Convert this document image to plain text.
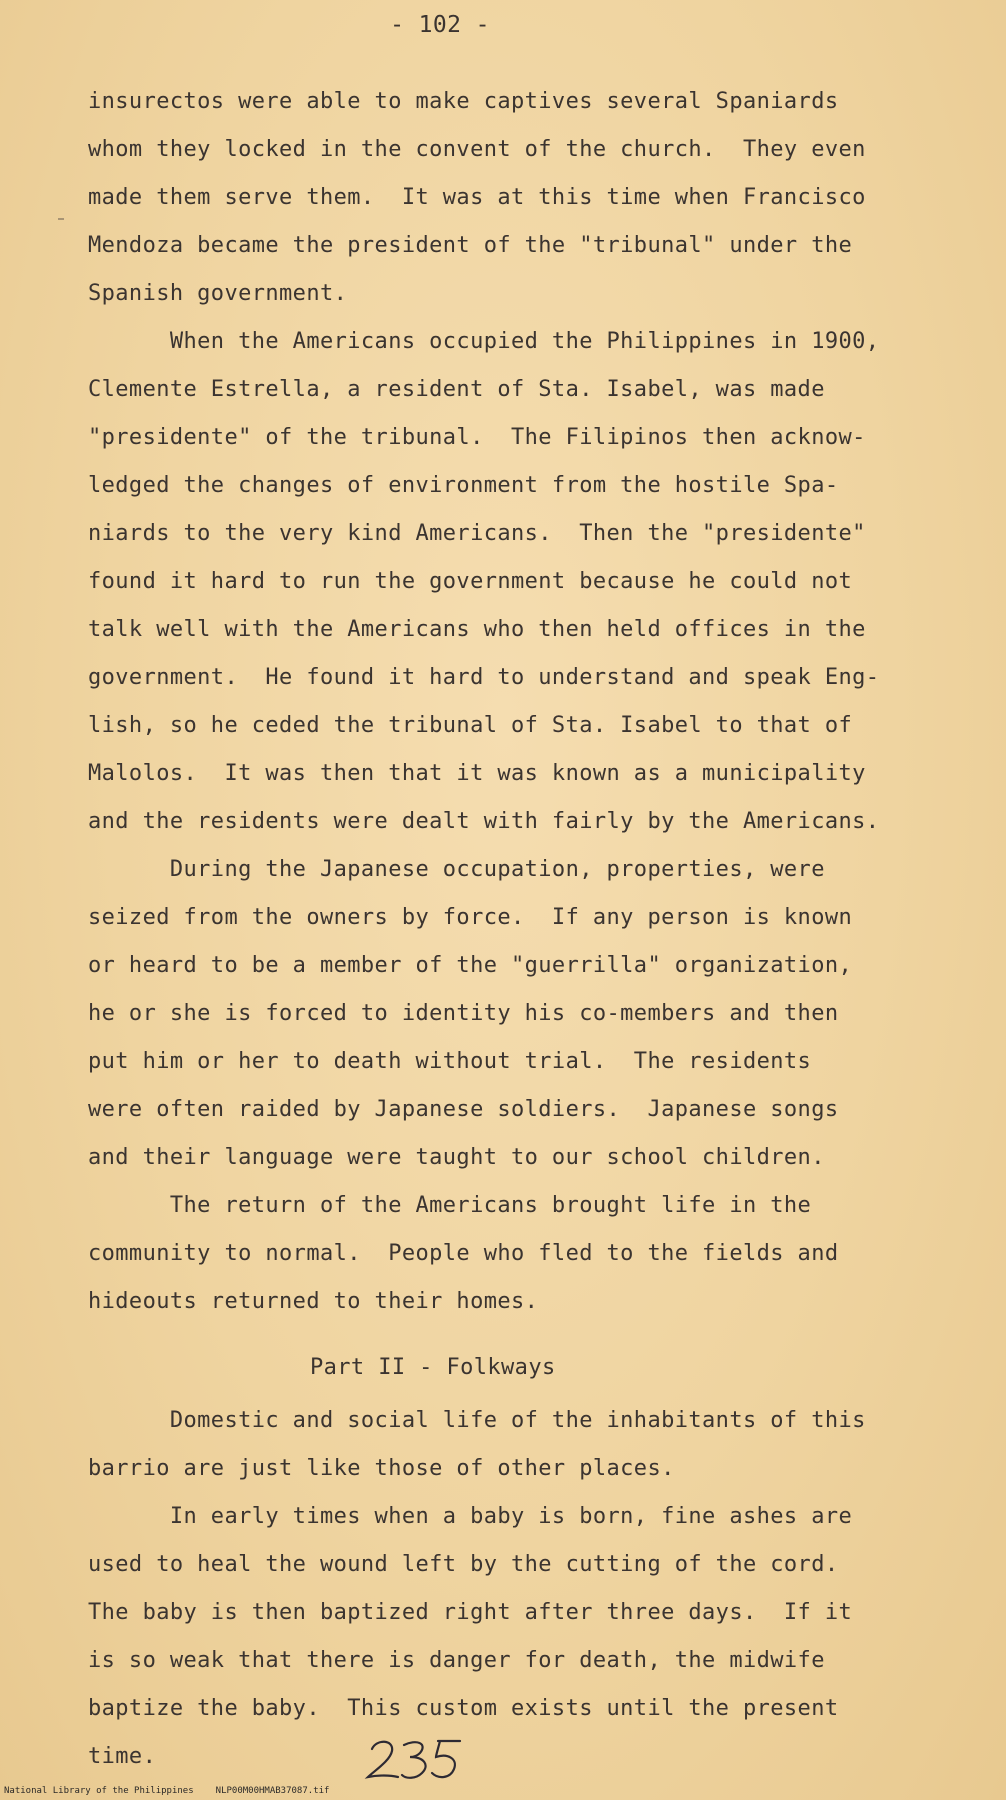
- 102 -
insurectos were able to make captives several Spaniards
whom they locked in the convent of the church.  They even
made them serve them.  It was at this time when Francisco
Mendoza became the president of the "tribunal" under the
Spanish government.
When the Americans occupied the Philippines in 1900,
Clemente Estrella, a resident of Sta. Isabel, was made
"presidente" of the tribunal.  The Filipinos then acknow-
ledged the changes of environment from the hostile Spa-
niards to the very kind Americans.  Then the "presidente"
found it hard to run the government because he could not
talk well with the Americans who then held offices in the
government.  He found it hard to understand and speak Eng-
lish, so he ceded the tribunal of Sta. Isabel to that of
Malolos.  It was then that it was known as a municipality
and the residents were dealt with fairly by the Americans.
During the Japanese occupation, properties, were
seized from the owners by force.  If any person is known
or heard to be a member of the "guerrilla" organization,
he or she is forced to identity his co-members and then
put him or her to death without trial.  The residents
were often raided by Japanese soldiers.  Japanese songs
and their language were taught to our school children.
The return of the Americans brought life in the
community to normal.  People who fled to the fields and
hideouts returned to their homes.
Part II - Folkways
Domestic and social life of the inhabitants of this
barrio are just like those of other places.
In early times when a baby is born, fine ashes are
used to heal the wound left by the cutting of the cord.
The baby is then baptized right after three days.  If it
is so weak that there is danger for death, the midwife
baptize the baby.  This custom exists until the present
time.
National Library of the Philippines NLP00M00HMAB37087.tif
